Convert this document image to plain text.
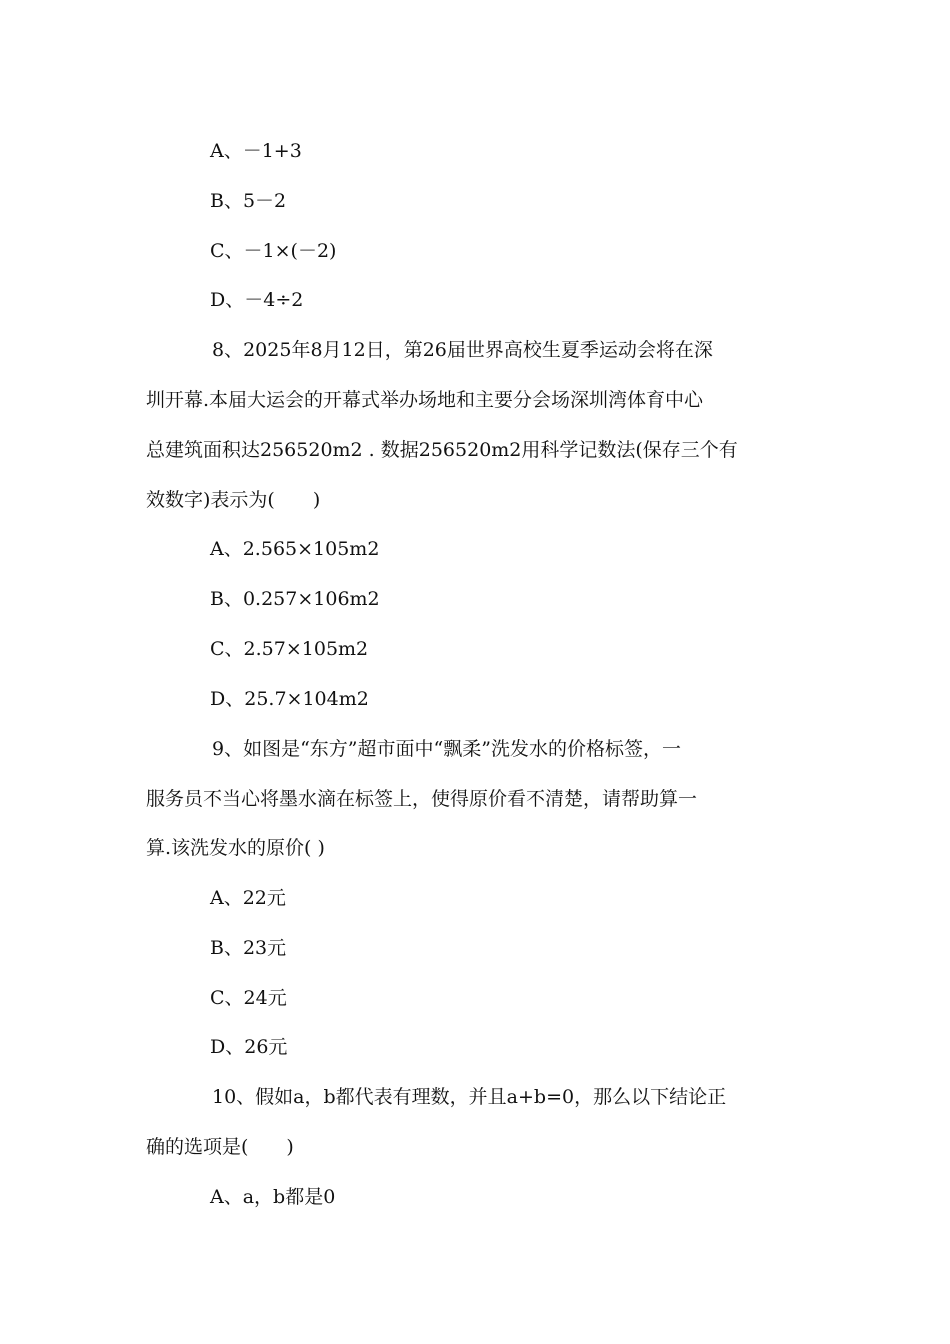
A、－1+3
B、5－2
C、－1×(－2)
D、－4÷2
8、2025年8月12日，第26届世界高校生夏季运动会将在深
圳开幕.本届大运会的开幕式举办场地和主要分会场深圳湾体育中心
总建筑面积达256520m2 . 数据256520m2用科学记数法(保存三个有
效数字)表示为(　　)
A、2.565×105m2
B、0.257×106m2
C、2.57×105m2
D、25.7×104m2
9、如图是“东方”超市面中“飘柔”洗发水的价格标签，一
服务员不当心将墨水滴在标签上，使得原价看不清楚，请帮助算一
算.该洗发水的原价( )
A、22元
B、23元
C、24元
D、26元
10、假如a，b都代表有理数，并且a+b=0，那么以下结论正
确的选项是(　　)
A、a，b都是0
